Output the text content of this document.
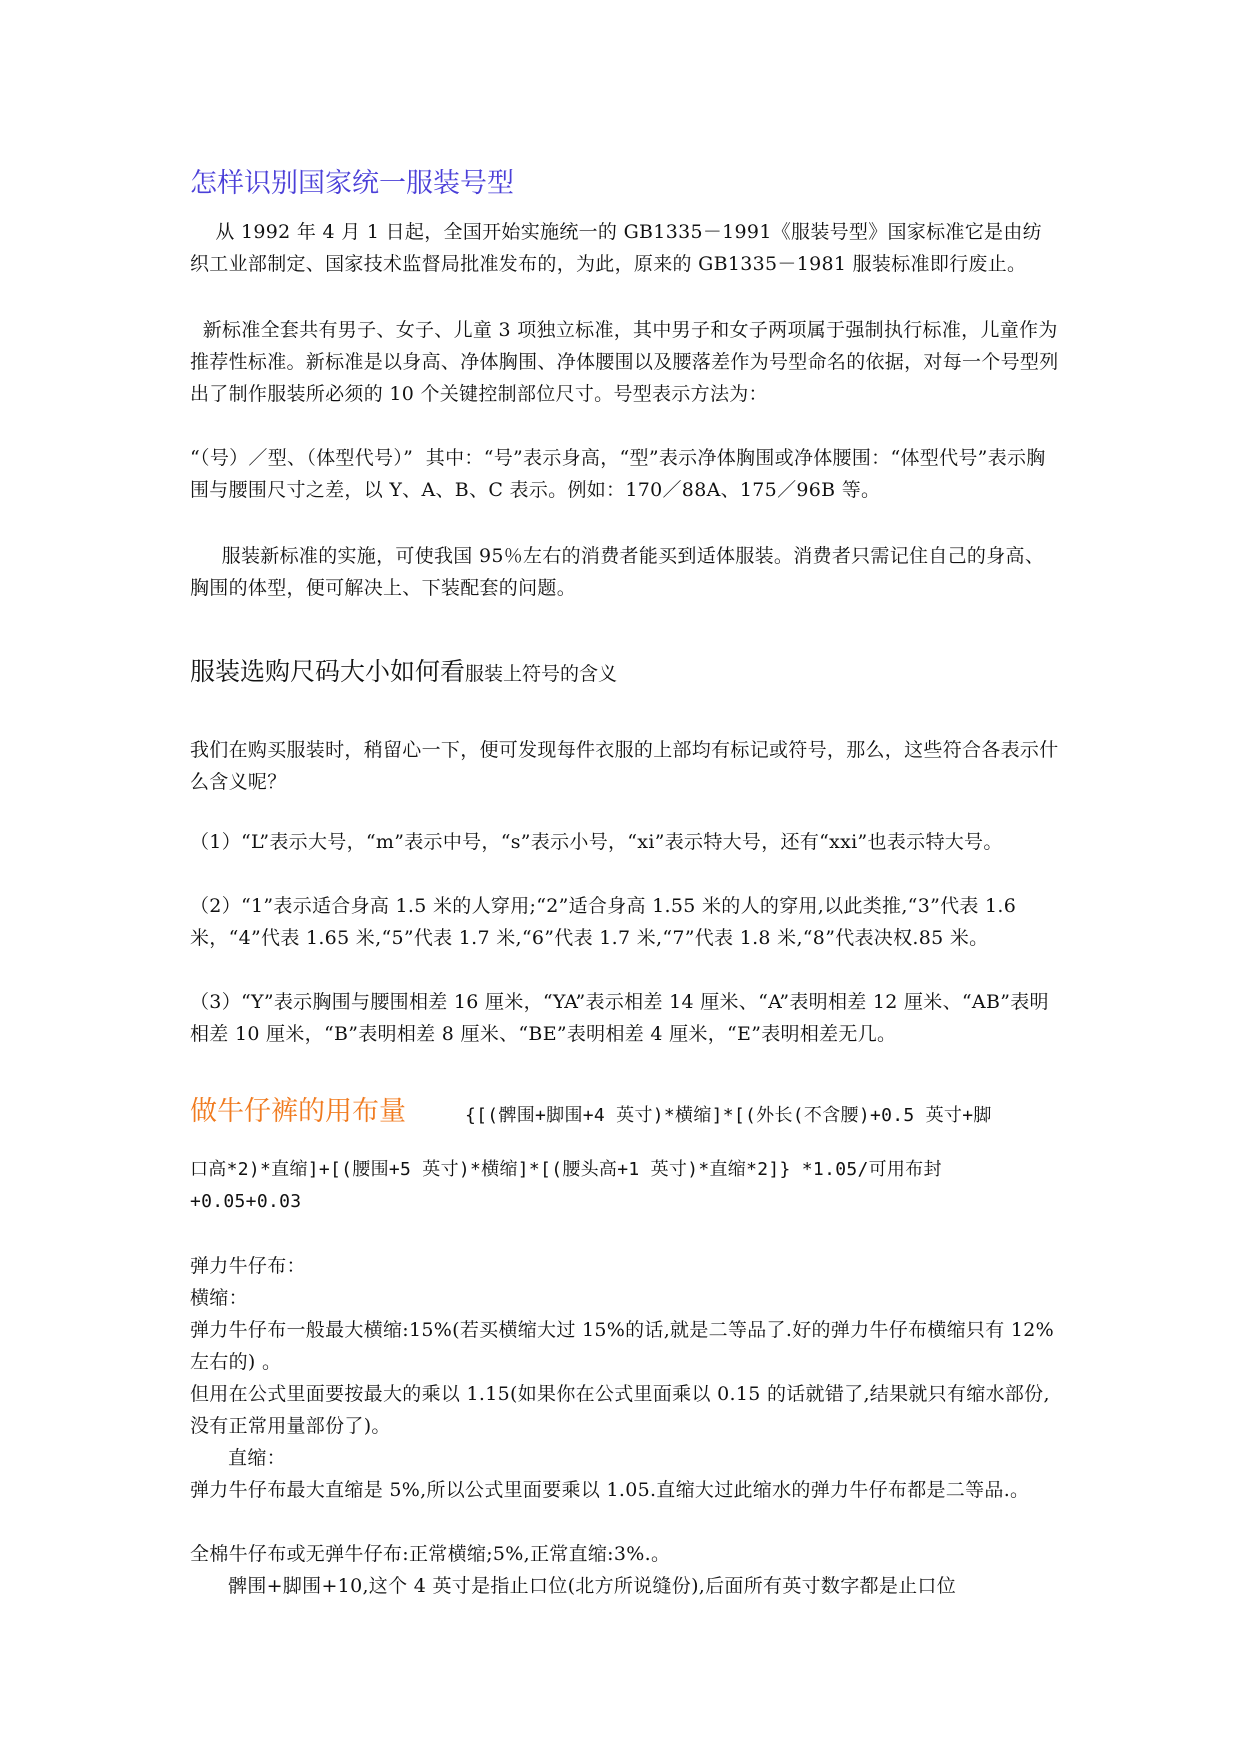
怎样识别国家统一服装号型
从 1992 年 4 月 1 日起，全国开始实施统一的 GB1335－1991《服装号型》国家标准它是由纺织工业部制定、国家技术监督局批准发布的，为此，原来的 GB1335－1981 服装标准即行废止。
新标准全套共有男子、女子、儿童 3 项独立标准，其中男子和女子两项属于强制执行标准，儿童作为推荐性标准。新标准是以身高、净体胸围、净体腰围以及腰落差作为号型命名的依据，对每一个号型列出了制作服装所必须的 10 个关键控制部位尺寸。号型表示方法为：
“（号）／型、（体型代号）”  其中：“号”表示身高，“型”表示净体胸围或净体腰围：“体型代号”表示胸围与腰围尺寸之差，以 Y、A、B、C 表示。例如：170／88A、175／96B 等。
服装新标准的实施，可使我国 95％左右的消费者能买到适体服装。消费者只需记住自己的身高、胸围的体型，便可解决上、下装配套的问题。
服装选购尺码大小如何看服装上符号的含义
我们在购买服装时，稍留心一下，便可发现每件衣服的上部均有标记或符号，那么，这些符合各表示什么含义呢？
（1）“L”表示大号，“m”表示中号，“s”表示小号，“xi”表示特大号，还有“xxi”也表示特大号。
（2）“1”表示适合身高 1.5 米的人穿用;“2”适合身高 1.55 米的人的穿用,以此类推,“3”代表 1.6 米，“4”代表 1.65 米,“5”代表 1.7 米,“6”代表 1.7 米,“7”代表 1.8 米,“8”代表决权.85 米。
（3）“Y”表示胸围与腰围相差 16 厘米，“YA”表示相差 14 厘米、“A”表明相差 12 厘米、“AB”表明相差 10 厘米，“B”表明相差 8 厘米、“BE”表明相差 4 厘米，“E”表明相差无几。
做牛仔裤的用布量	{[(髀围+脚围+4 英寸)*横缩]*[(外长(不含腰)+0.5 英寸+脚
口高*2)*直缩]+[(腰围+5 英寸)*横缩]*[(腰头高+1 英寸)*直缩*2]} *1.05/可用布封
+0.05+0.03
弹力牛仔布：
横缩：
弹力牛仔布一般最大横缩:15%(若买横缩大过 15%的话,就是二等品了.好的弹力牛仔布横缩只有 12%左右的) 。
但用在公式里面要按最大的乘以 1.15(如果你在公式里面乘以 0.15 的话就错了,结果就只有缩水部份,没有正常用量部份了)。
直缩：
弹力牛仔布最大直缩是 5%,所以公式里面要乘以 1.05.直缩大过此缩水的弹力牛仔布都是二等品.。
全棉牛仔布或无弹牛仔布:正常横缩;5%,正常直缩:3%.。
髀围+脚围+10,这个 4 英寸是指止口位(北方所说缝份),后面所有英寸数字都是止口位
